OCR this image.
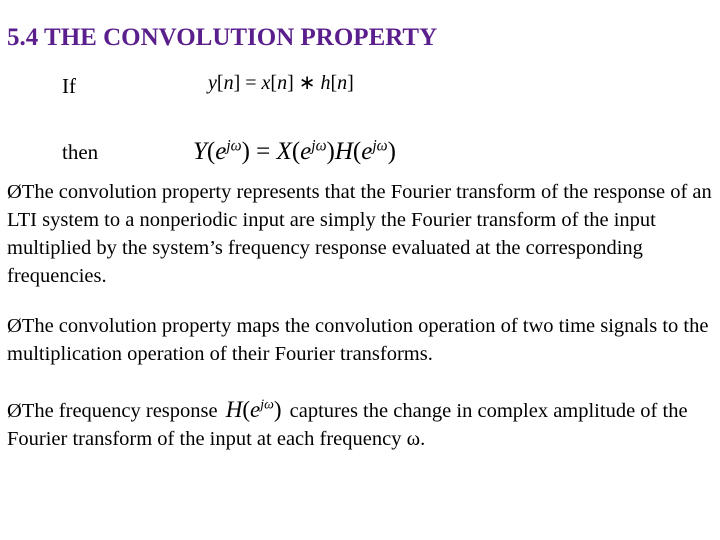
5.4 THE CONVOLUTION PROPERTY
If	y[n] = x[n] ∗ h[n]
then	$Y(e^{j\omega}) = X(e^{j\omega})H(e^{j\omega})$
ØThe convolution property represents that the Fourier transform of the response of an LTI system to a nonperiodic input are simply the Fourier transform of the input multiplied by the system’s frequency response evaluated at the corresponding frequencies.
ØThe convolution property maps the convolution operation of two time signals to the multiplication operation of their Fourier transforms.
ØThe frequency response $H(e^{j\omega})$ captures the change in complex amplitude of the Fourier transform of the input at each frequency ω.
